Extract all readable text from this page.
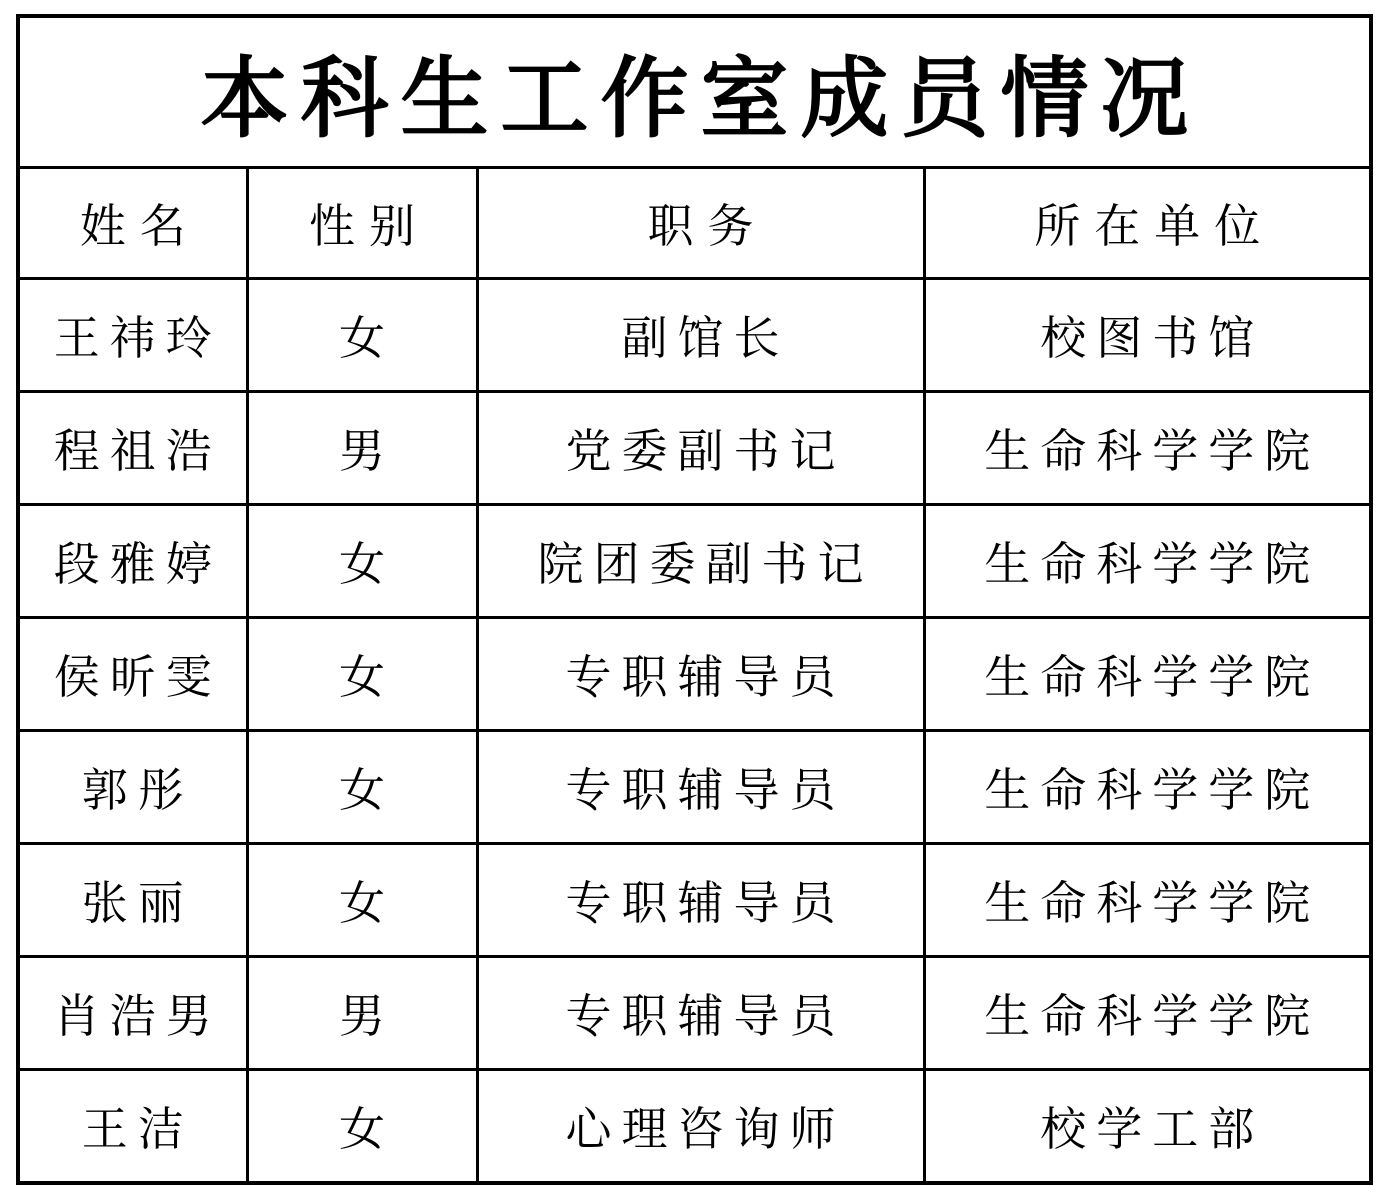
本科生工作室成员情况			
姓名	性别	职务	所在单位
王祎玲	女	副馆长	校图书馆
程祖浩	男	党委副书记	生命科学学院
段雅婷	女	院团委副书记	生命科学学院
侯昕雯	女	专职辅导员	生命科学学院
郭彤	女	专职辅导员	生命科学学院
张丽	女	专职辅导员	生命科学学院
肖浩男	男	专职辅导员	生命科学学院
王洁	女	心理咨询师	校学工部
